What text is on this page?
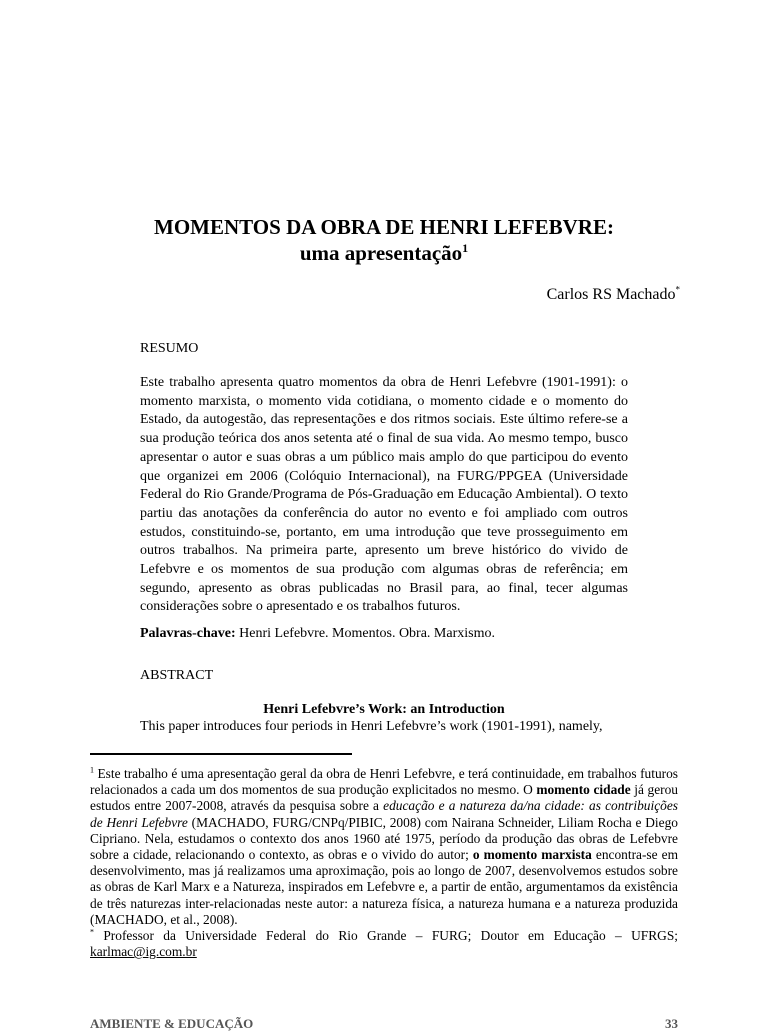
MOMENTOS DA OBRA DE HENRI LEFEBVRE:
uma apresentação$^1$
Carlos RS Machado*
RESUMO

Este trabalho apresenta quatro momentos da obra de Henri Lefebvre (1901-1991): o momento marxista, o momento vida cotidiana, o momento cidade e o momento do Estado, da autogestão, das representações e dos ritmos sociais. Este último refere-se a sua produção teórica dos anos setenta até o final de sua vida. Ao mesmo tempo, busco apresentar o autor e suas obras a um público mais amplo do que participou do evento que organizei em 2006 (Colóquio Internacional), na FURG/PPGEA (Universidade Federal do Rio Grande/Programa de Pós-Graduação em Educação Ambiental). O texto partiu das anotações da conferência do autor no evento e foi ampliado com outros estudos, constituindo-se, portanto, em uma introdução que teve prosseguimento em outros trabalhos. Na primeira parte, apresento um breve histórico do vivido de Lefebvre e os momentos de sua produção com algumas obras de referência; em segundo, apresento as obras publicadas no Brasil para, ao final, tecer algumas considerações sobre o apresentado e os trabalhos futuros.

Palavras-chave: Henri Lefebvre. Momentos. Obra. Marxismo.

ABSTRACT

Henri Lefebvre’s Work: an Introduction

This paper introduces four periods in Henri Lefebvre’s work (1901-1991), namely,

$^1$ Este trabalho é uma apresentação geral da obra de Henri Lefebvre, e terá continuidade, em trabalhos futuros relacionados a cada um dos momentos de sua produção explicitados no mesmo. O momento cidade já gerou estudos entre 2007-2008, através da pesquisa sobre a educação e a natureza da/na cidade: as contribuições de Henri Lefebvre (MACHADO, FURG/CNPq/PIBIC, 2008) com Nairana Schneider, Liliam Rocha e Diego Cipriano. Nela, estudamos o contexto dos anos 1960 até 1975, período da produção das obras de Lefebvre sobre a cidade, relacionando o contexto, as obras e o vivido do autor; o momento marxista encontra-se em desenvolvimento, mas já realizamos uma aproximação, pois ao longo de 2007, desenvolvemos estudos sobre as obras de Karl Marx e a Natureza, inspirados em Lefebvre e, a partir de então, argumentamos da existência de três naturezas inter-relacionadas neste autor: a natureza física, a natureza humana e a natureza produzida (MACHADO, et al., 2008).

* Professor da Universidade Federal do Rio Grande – FURG; Doutor em Educação – UFRGS; karlmac@ig.com.br

AMBIENTE & EDUCAÇÃO	33
